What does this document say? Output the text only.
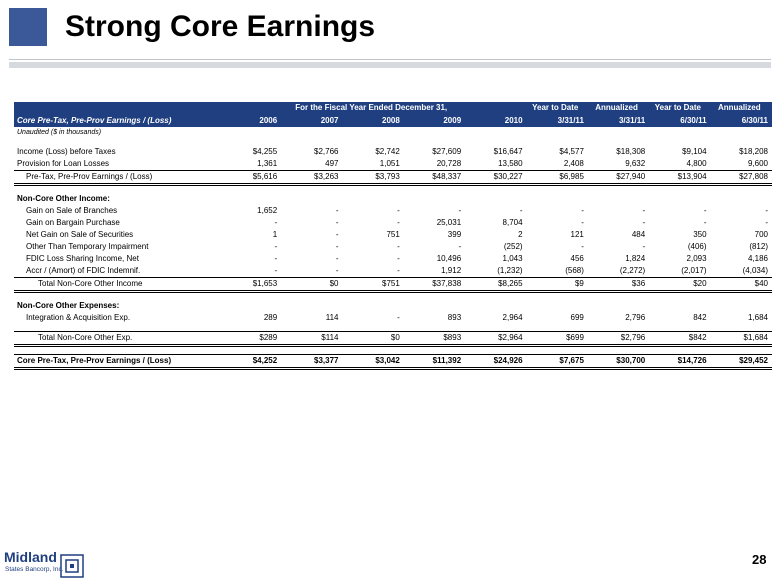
Strong Core Earnings
	For the Fiscal Year Ended December 31,					Year to Date	Annualized	Year to Date	Annualized
Core Pre-Tax, Pre-Prov Earnings / (Loss)	2006	2007	2008	2009	2010	3/31/11	3/31/11	6/30/11	6/30/11
Unaudited ($ in thousands)									

Income (Loss) before Taxes	$4,255	$2,766	$2,742	$27,609	$16,647	$4,577	$18,308	$9,104	$18,208
Provision for Loan Losses	1,361	497	1,051	20,728	13,580	2,408	9,632	4,800	9,600
Pre-Tax, Pre-Prov Earnings / (Loss)	$5,616	$3,263	$3,793	$48,337	$30,227	$6,985	$27,940	$13,904	$27,808

Non-Core Other Income:									
Gain on Sale of Branches	1,652	-	-	-	-	-	-	-	-
Gain on Bargain Purchase	-	-	-	25,031	8,704	-	-	-	-
Net Gain on Sale of Securities	1	-	751	399	2	121	484	350	700
Other Than Temporary Impairment	-	-	-	-	(252)	-	-	(406)	(812)
FDIC Loss Sharing Income, Net	-	-	-	10,496	1,043	456	1,824	2,093	4,186
Accr / (Amort) of FDIC Indemnif.	-	-	-	1,912	(1,232)	(568)	(2,272)	(2,017)	(4,034)
Total Non-Core Other Income	$1,653	$0	$751	$37,838	$8,265	$9	$36	$20	$40

Non-Core Other Expenses:									
Integration & Acquisition Exp.	289	114	-	893	2,964	699	2,796	842	1,684

Total Non-Core Other Exp.	$289	$114	$0	$893	$2,964	$699	$2,796	$842	$1,684

Core Pre-Tax, Pre-Prov Earnings / (Loss)	$4,252	$3,377	$3,042	$11,392	$24,926	$7,675	$30,700	$14,726	$29,452
Midland
States Bancorp, Inc.
28
